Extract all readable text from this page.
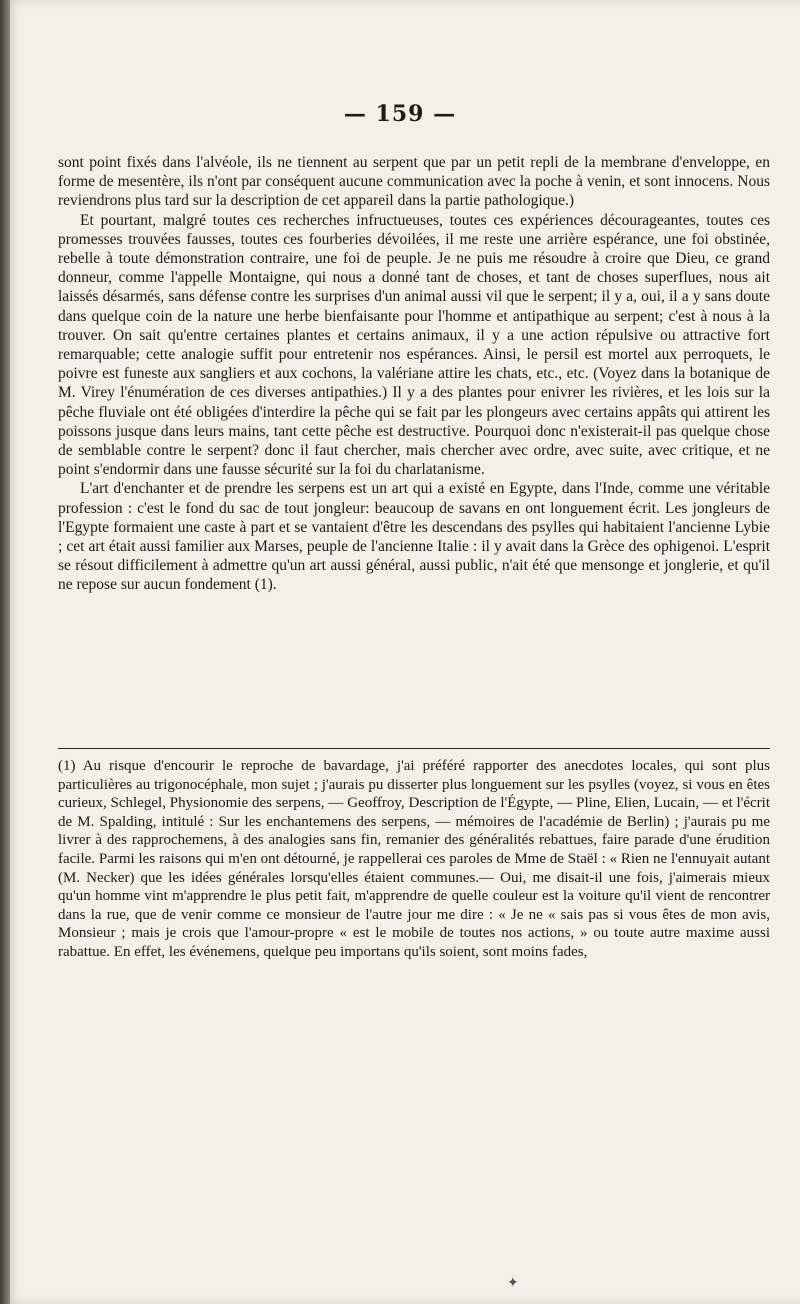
— 159 —

sont point fixés dans l'alvéole, ils ne tiennent au serpent que par un petit repli de la membrane d'enveloppe, en forme de mesentère, ils n'ont par conséquent aucune communication avec la poche à venin, et sont innocens. Nous reviendrons plus tard sur la description de cet appareil dans la partie pathologique.)

Et pourtant, malgré toutes ces recherches infructueuses, toutes ces expériences décourageantes, toutes ces promesses trouvées fausses, toutes ces fourberies dévoilées, il me reste une arrière espérance, une foi obstinée, rebelle à toute démonstration contraire, une foi de peuple. Je ne puis me résoudre à croire que Dieu, ce grand donneur, comme l'appelle Montaigne, qui nous a donné tant de choses, et tant de choses superflues, nous ait laissés désarmés, sans défense contre les surprises d'un animal aussi vil que le serpent; il y a, oui, il a y sans doute dans quelque coin de la nature une herbe bienfaisante pour l'homme et antipathique au serpent; c'est à nous à la trouver. On sait qu'entre certaines plantes et certains animaux, il y a une action répulsive ou attractive fort remarquable; cette analogie suffit pour entretenir nos espérances. Ainsi, le persil est mortel aux perroquets, le poivre est funeste aux sangliers et aux cochons, la valériane attire les chats, etc., etc. (Voyez dans la botanique de M. Virey l'énumération de ces diverses antipathies.) Il y a des plantes pour enivrer les rivières, et les lois sur la pêche fluviale ont été obligées d'interdire la pêche qui se fait par les plongeurs avec certains appâts qui attirent les poissons jusque dans leurs mains, tant cette pêche est destructive. Pourquoi donc n'existerait-il pas quelque chose de semblable contre le serpent? donc il faut chercher, mais chercher avec ordre, avec suite, avec critique, et ne point s'endormir dans une fausse sécurité sur la foi du charlatanisme.

L'art d'enchanter et de prendre les serpens est un art qui a existé en Egypte, dans l'Inde, comme une véritable profession : c'est le fond du sac de tout jongleur: beaucoup de savans en ont longuement écrit. Les jongleurs de l'Egypte formaient une caste à part et se vantaient d'être les descendans des psylles qui habitaient l'ancienne Lybie ; cet art était aussi familier aux Marses, peuple de l'ancienne Italie : il y avait dans la Grèce des ophigenoi. L'esprit se résout difficilement à admettre qu'un art aussi général, aussi public, n'ait été que mensonge et jonglerie, et qu'il ne repose sur aucun fondement (1).

(1) Au risque d'encourir le reproche de bavardage, j'ai préféré rapporter des anecdotes locales, qui sont plus particulières au trigonocéphale, mon sujet ; j'aurais pu disserter plus longuement sur les psylles (voyez, si vous en êtes curieux, Schlegel, Physionomie des serpens, — Geoffroy, Description de l'Égypte, — Pline, Elien, Lucain, — et l'écrit de M. Spalding, intitulé : Sur les enchantemens des serpens, — mémoires de l'académie de Berlin) ; j'aurais pu me livrer à des rapprochemens, à des analogies sans fin, remanier des généralités rebattues, faire parade d'une érudition facile. Parmi les raisons qui m'en ont détourné, je rappellerai ces paroles de Mme de Staël : « Rien ne l'ennuyait autant (M. Necker) que les idées générales lorsqu'elles étaient communes.— Oui, me disait-il une fois, j'aimerais mieux qu'un homme vint m'apprendre le plus petit fait, m'apprendre de quelle couleur est la voiture qu'il vient de rencontrer dans la rue, que de venir comme ce monsieur de l'autre jour me dire : « Je ne « sais pas si vous êtes de mon avis, Monsieur ; mais je crois que l'amour-propre « est le mobile de toutes nos actions, » ou toute autre maxime aussi rabattue. En effet, les événemens, quelque peu importans qu'ils soient, sont moins fades,

✦
